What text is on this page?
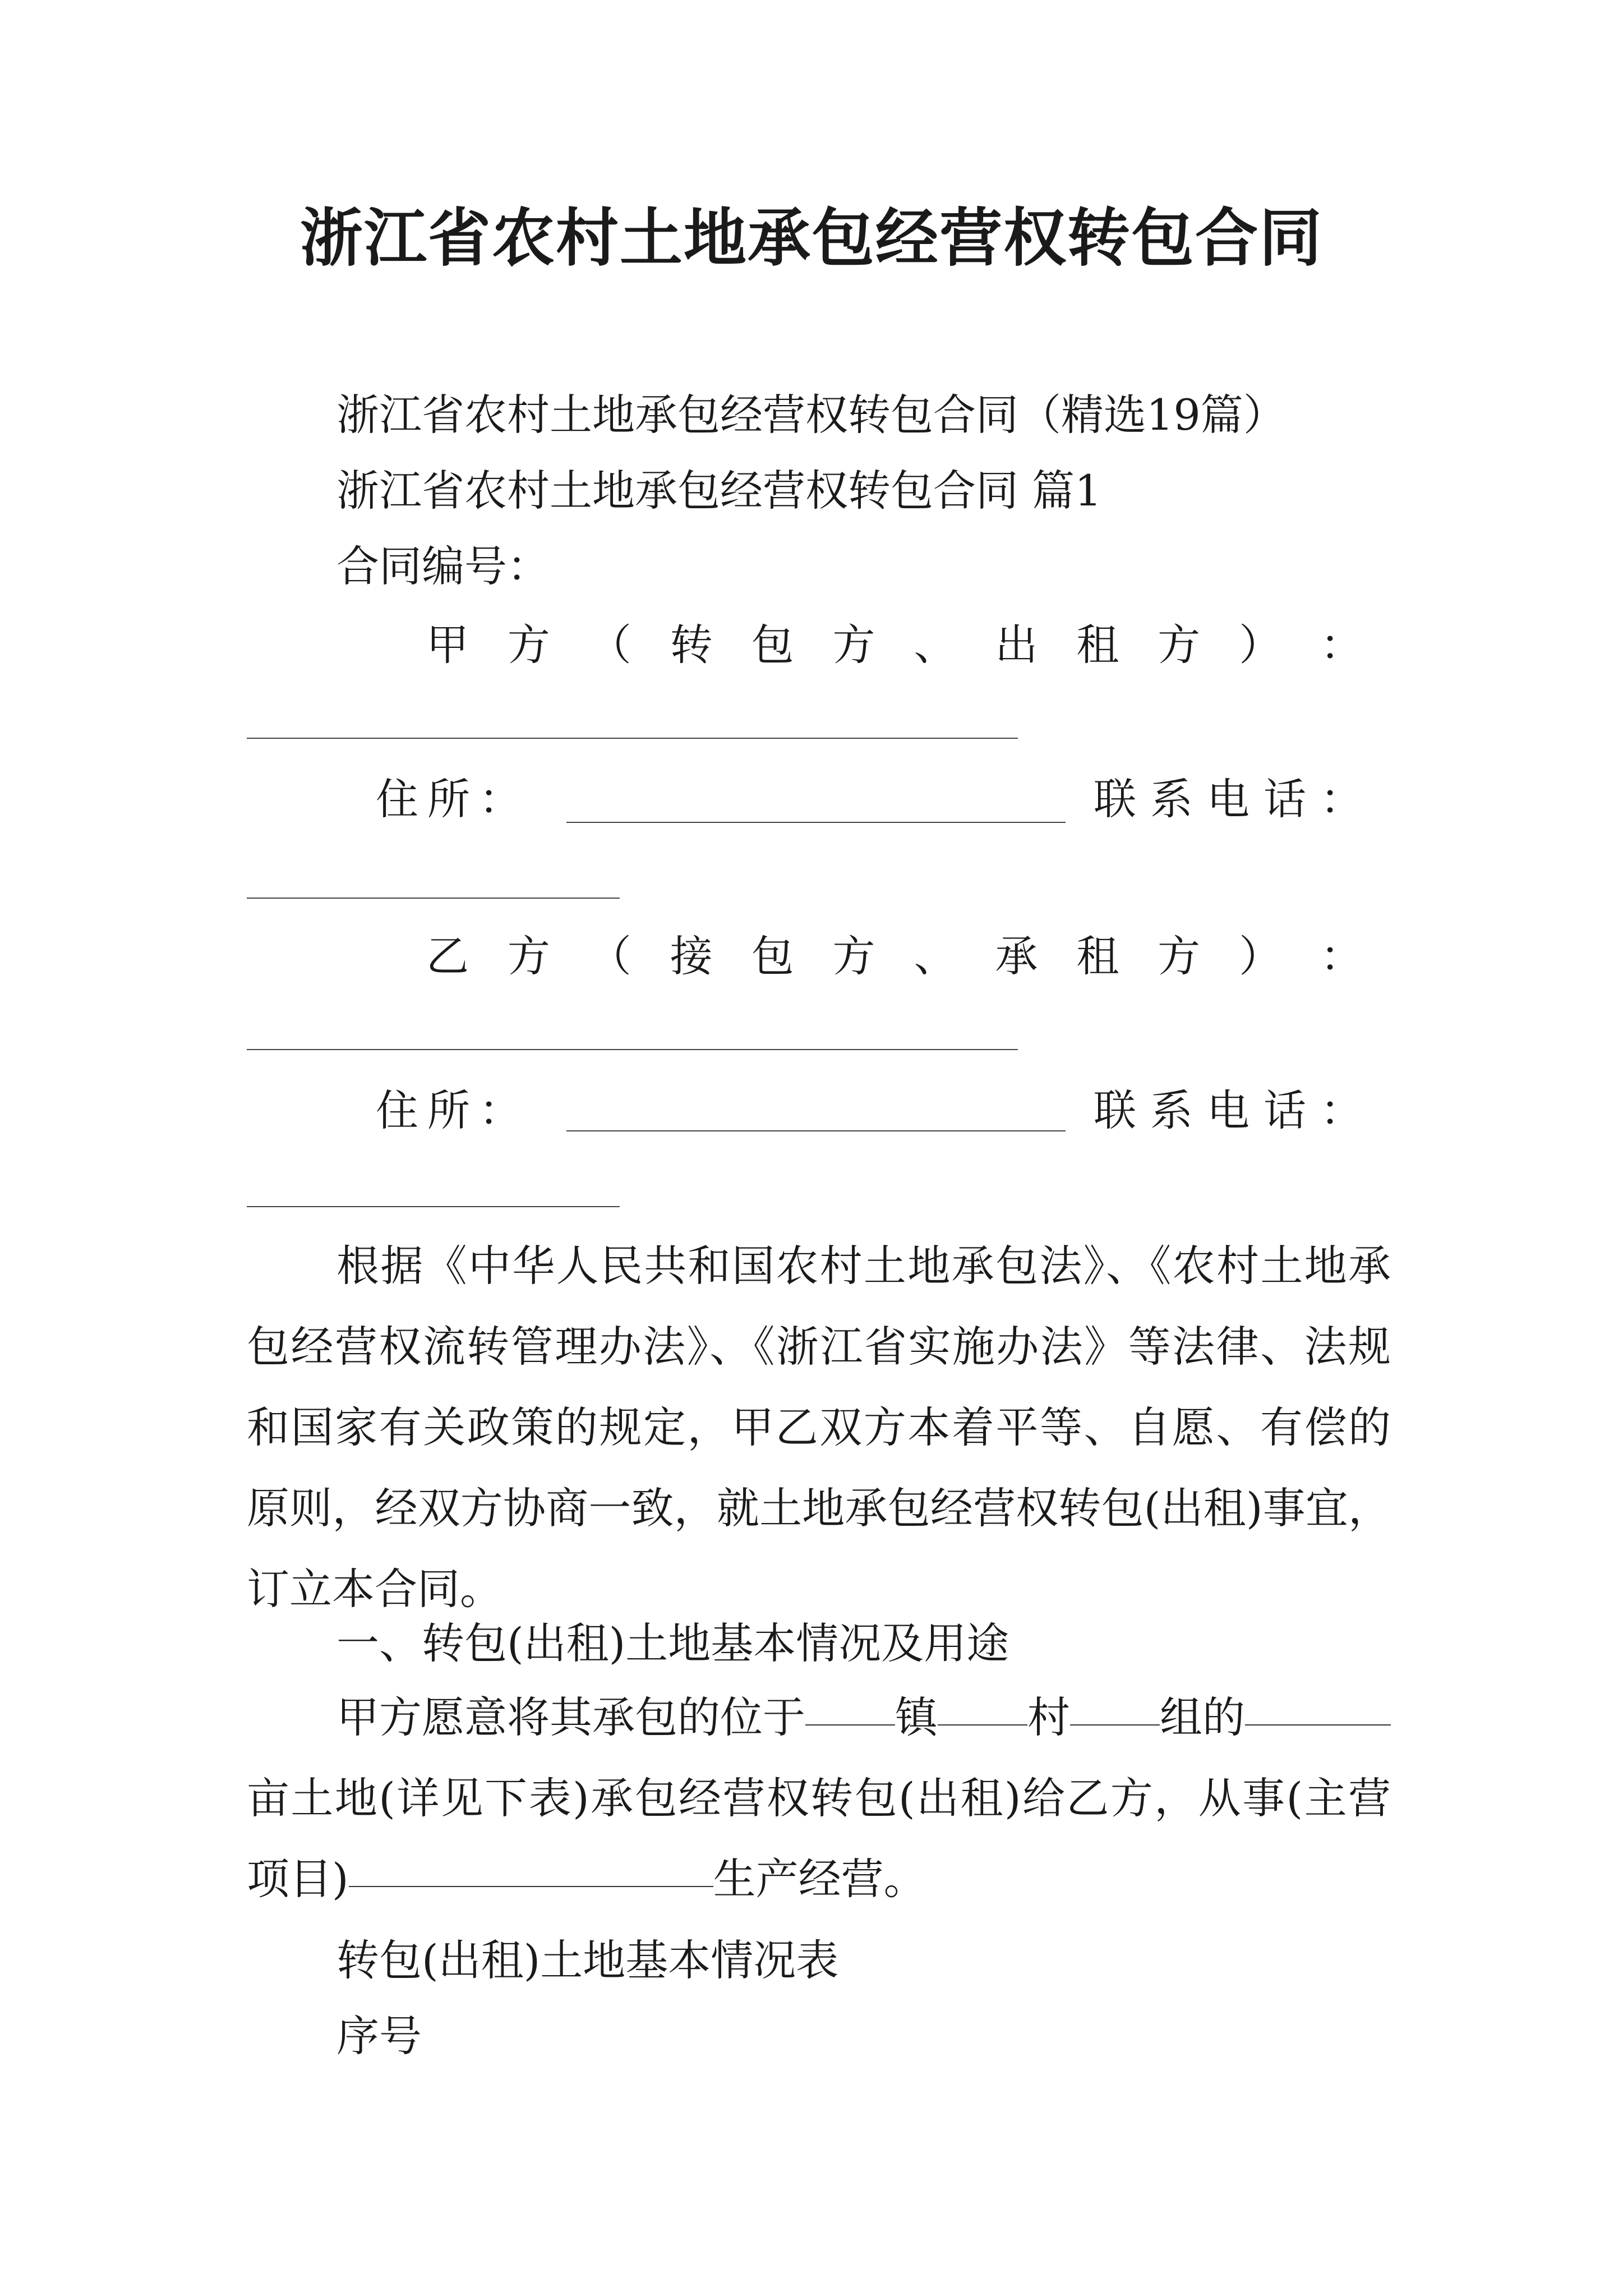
浙江省农村土地承包经营权转包合同
浙江省农村土地承包经营权转包合同（精选19篇）
浙江省农村土地承包经营权转包合同 篇1
合同编号：
甲 方 （ 转 包 方 、 出 租 方 ） ：
住 所 ：	联 系 电 话 ：
乙 方 （ 接 包 方 、 承 租 方 ） ：
住 所 ：	联 系 电 话 ：
根据《中华人民共和国农村土地承包法》、《农村土地承包经营权流转管理办法》、《浙江省实施办法》等法律、法规和国家有关政策的规定，甲乙双方本着平等、自愿、有偿的原则，经双方协商一致，就土地承包经营权转包(出租)事宜，订立本合同。
一、转包(出租)土地基本情况及用途
甲方愿意将其承包的位于 镇 村 组的亩土地(详见下表)承包经营权转包(出租)给乙方，从事(主营项目)	生产经营。
转包(出租)土地基本情况表
序号
